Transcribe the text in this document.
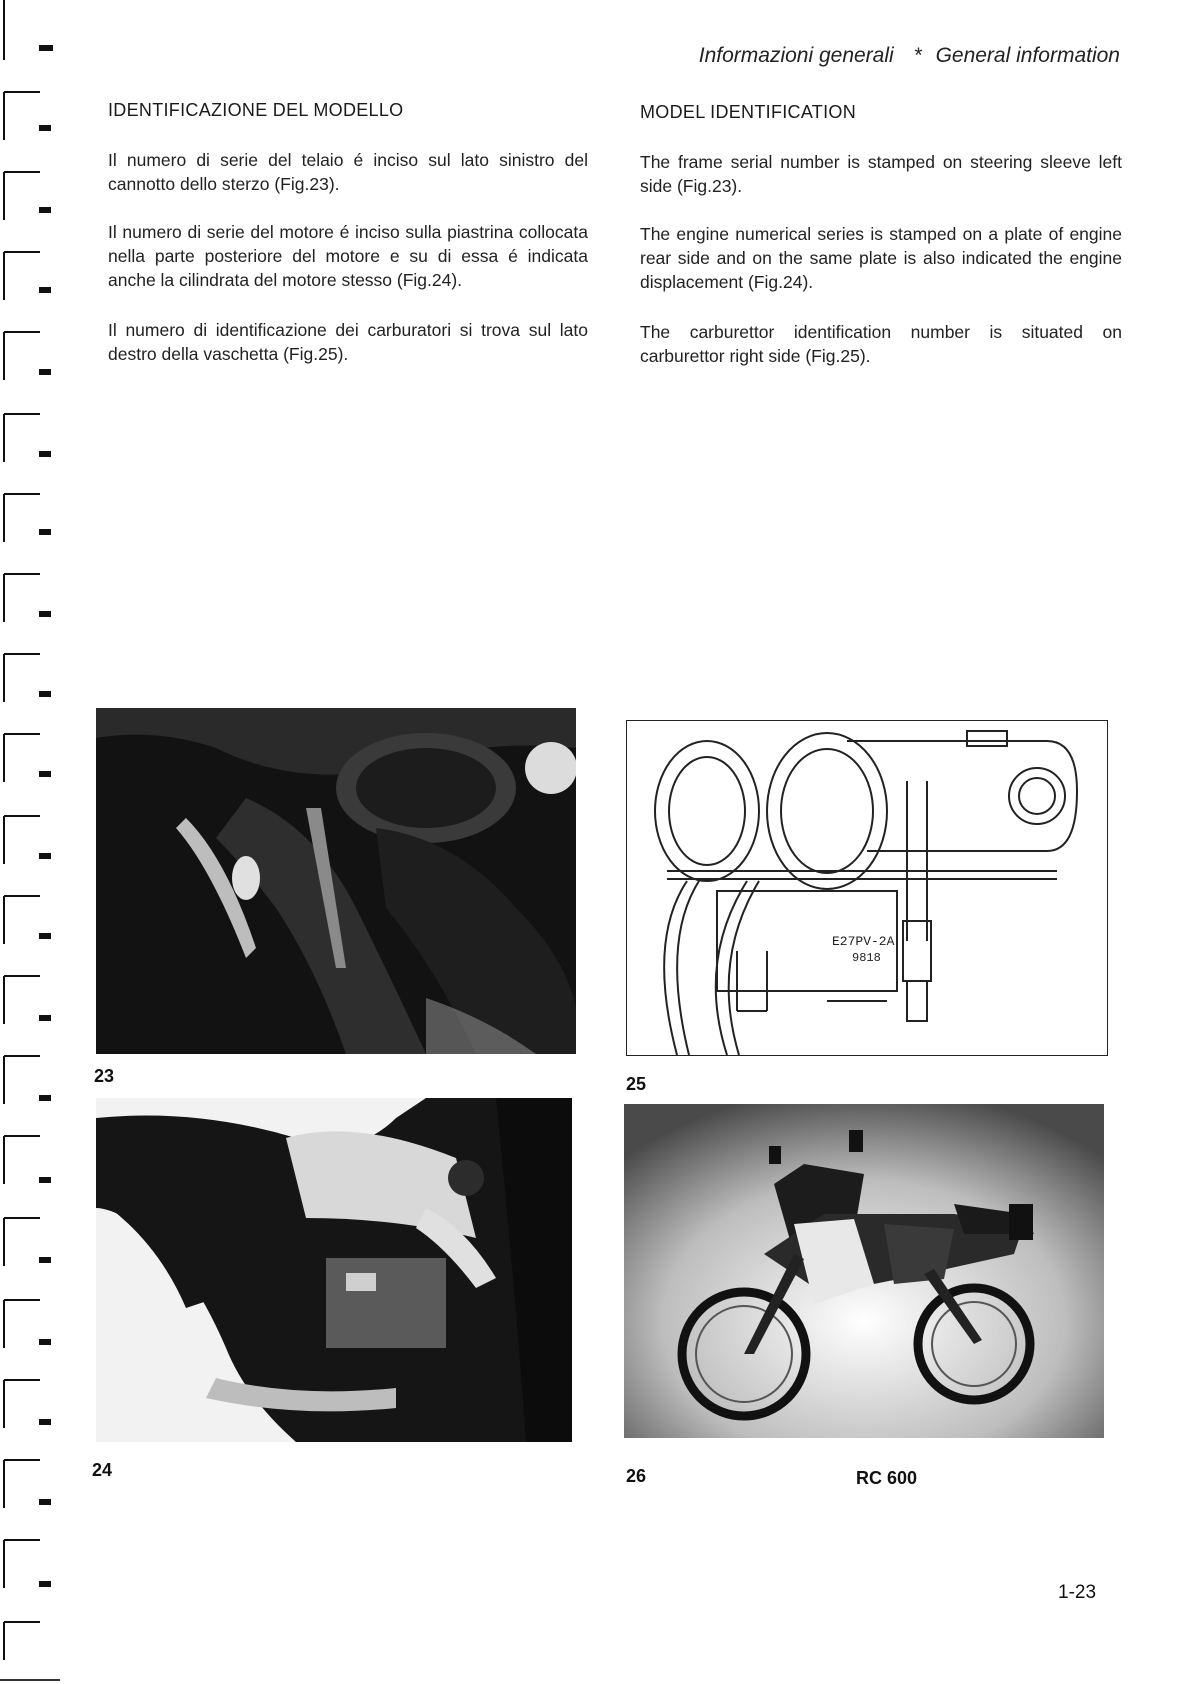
Informazioni generali * General information
IDENTIFICAZIONE DEL MODELLO

Il numero di serie del telaio é inciso sul lato sinistro del cannotto dello sterzo (Fig.23).

Il numero di serie del motore é inciso sulla piastrina collocata nella parte posteriore del motore e su di essa é indicata anche la cilindrata del motore stesso (Fig.24).

Il numero di identificazione dei carburatori si trova sul lato destro della vaschetta (Fig.25).

MODEL IDENTIFICATION

The frame serial number is stamped on steering sleeve left side (Fig.23).

The engine numerical series is stamped on a plate of engine rear side and on the same plate is also indicated the engine displacement (Fig.24).

The carburettor identification number is situated on carburettor right side (Fig.25).

23
E27PV-2A
9818
25
24	26	RC 600
1-23
